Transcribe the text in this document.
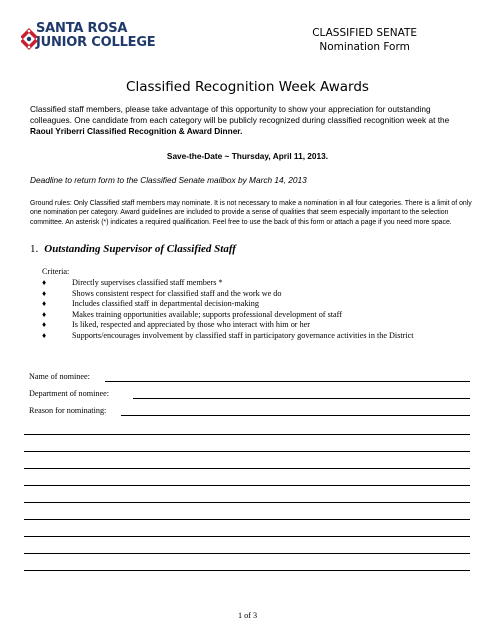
SANTA ROSA
JUNIOR COLLEGE
CLASSIFIED SENATE
Nomination Form
Classified Recognition Week Awards
Classified staff members, please take advantage of this opportunity to show your appreciation for outstanding colleagues. One candidate from each category will be publicly recognized during classified recognition week at the Raoul Yriberri Classified Recognition & Award Dinner.
Save-the-Date ~ Thursday, April 11, 2013.
Deadline to return form to the Classified Senate mailbox by March 14, 2013
Ground rules: Only Classified staff members may nominate. It is not necessary to make a nomination in all four categories. There is a limit of only one nomination per category. Award guidelines are included to provide a sense of qualities that seem especially important to the selection committee. An asterisk (*) indicates a required qualification. Feel free to use the back of this form or attach a page if you need more space.
1. Outstanding Supervisor of Classified Staff
Criteria:
♦	Directly supervises classified staff members *
♦	Shows consistent respect for classified staff and the work we do
♦	Includes classified staff in departmental decision-making
♦	Makes training opportunities available; supports professional development of staff
♦	Is liked, respected and appreciated by those who interact with him or her
♦	Supports/encourages involvement by classified staff in participatory governance activities in the District
Name of nominee:
Department of nominee:
Reason for nominating:
1 of 3
